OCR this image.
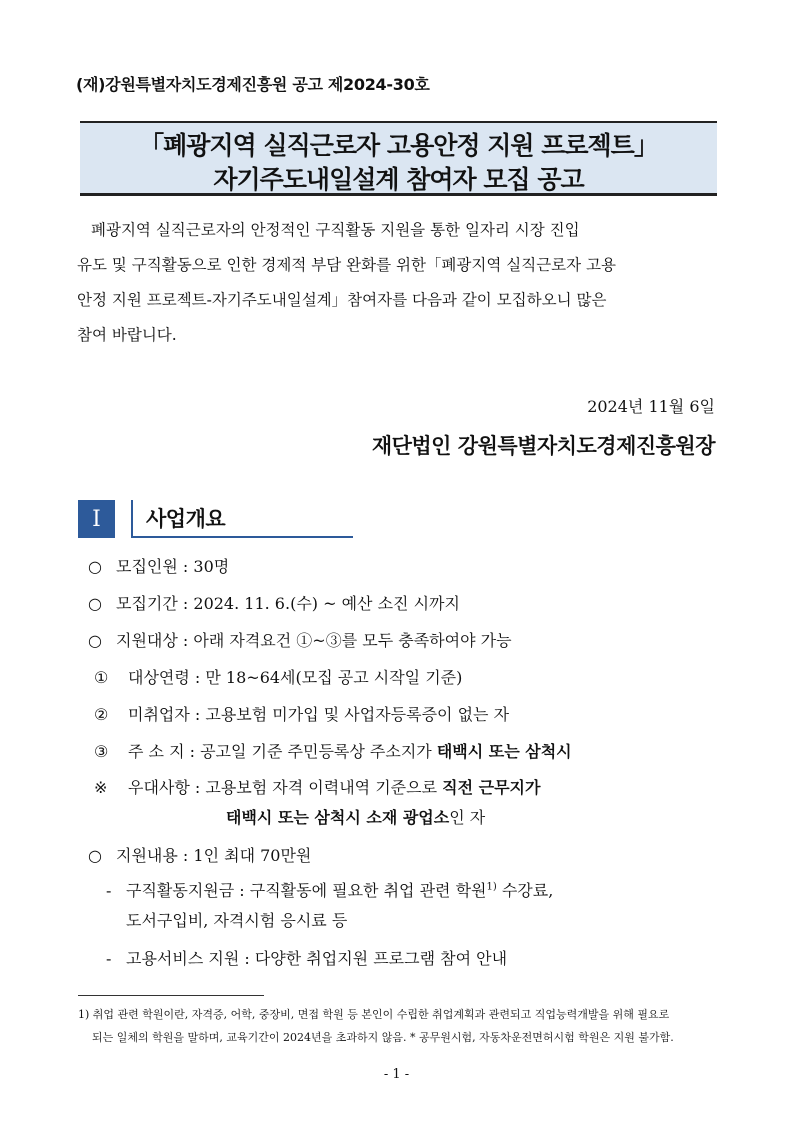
(재)강원특별자치도경제진흥원 공고 제2024-30호
「폐광지역 실직근로자 고용안정 지원 프로젝트」
자기주도내일설계 참여자 모집 공고
폐광지역 실직근로자의 안정적인 구직활동 지원을 통한 일자리 시장 진입
유도 및 구직활동으로 인한 경제적 부담 완화를 위한「폐광지역 실직근로자 고용
안정 지원 프로젝트-자기주도내일설계」참여자를 다음과 같이 모집하오니 많은
참여 바랍니다.
2024년 11월 6일
재단법인 강원특별자치도경제진흥원장
Ⅰ	사업개요
○ 모집인원 : 30명
○ 모집기간 : 2024. 11. 6.(수) ~ 예산 소진 시까지
○ 지원대상 : 아래 자격요건 ①~③를 모두 충족하여야 가능
① 대상연령 : 만 18~64세(모집 공고 시작일 기준)
② 미취업자 : 고용보험 미가입 및 사업자등록증이 없는 자
③ 주 소 지 : 공고일 기준 주민등록상 주소지가 태백시 또는 삼척시
※ 우대사항 : 고용보험 자격 이력내역 기준으로 직전 근무지가
태백시 또는 삼척시 소재 광업소인 자
○ 지원내용 : 1인 최대 70만원
- 구직활동지원금 : 구직활동에 필요한 취업 관련 학원$^{1)}$ 수강료,
도서구입비, 자격시험 응시료 등
- 고용서비스 지원 : 다양한 취업지원 프로그램 참여 안내
1) 취업 관련 학원이란, 자격증, 어학, 중장비, 면접 학원 등 본인이 수립한 취업계획과 관련되고 직업능력개발을 위해 필요로
되는 일체의 학원을 말하며, 교육기간이 2024년을 초과하지 않음. * 공무원시험, 자동차운전면허시험 학원은 지원 불가함.
- 1 -
